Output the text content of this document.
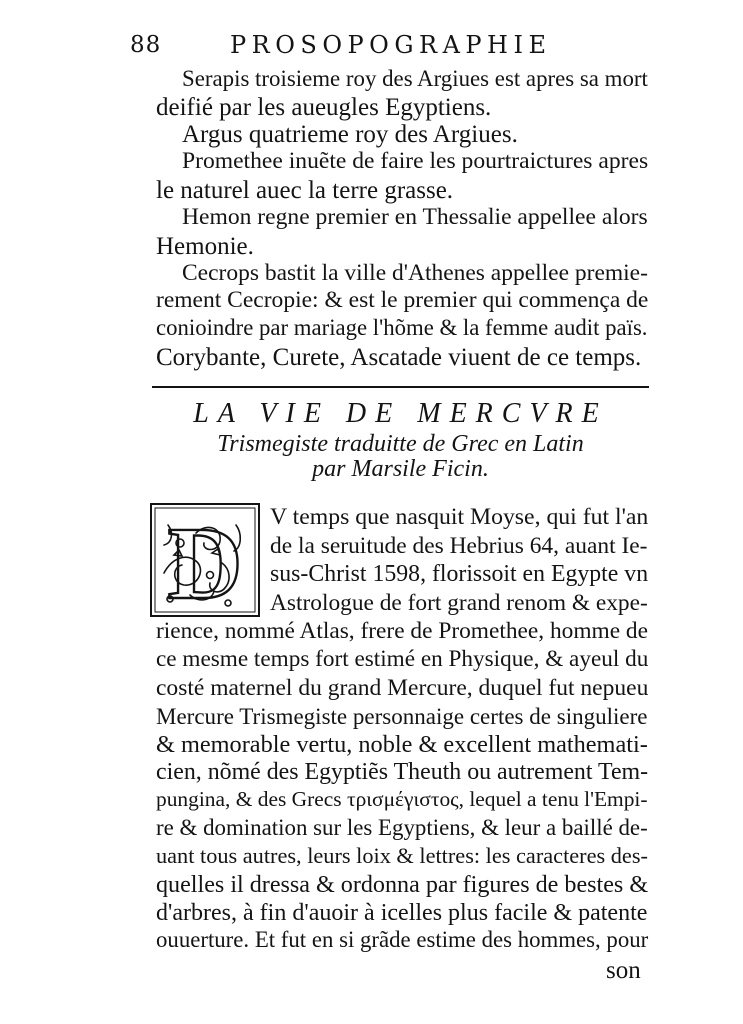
88	PROSOPOGRAPHIE
Serapis troisieme roy des Argiues est apres sa mort
deifié par les aueugles Egyptiens.
Argus quatrieme roy des Argiues.
Promethee inuẽte de faire les pourtraictures apres
le naturel auec la terre grasse.
Hemon regne premier en Thessalie appellee alors
Hemonie.
Cecrops bastit la ville d'Athenes appellee premie-
rement Cecropie: & est le premier qui commença de
conioindre par mariage l'hõme & la femme audit païs.
Corybante, Curete, Ascatade viuent de ce temps.
LA VIE DE MERCVRE
Trismegiste traduitte de Grec en Latin
par Marsile Ficin.
D V temps que nasquit Moyse, qui fut l'an
de la seruitude des Hebrius 64, auant Ie-
sus-Christ 1598, florissoit en Egypte vn
Astrologue de fort grand renom & expe-
rience, nommé Atlas, frere de Promethee, homme de
ce mesme temps fort estimé en Physique, & ayeul du
costé maternel du grand Mercure, duquel fut nepueu
Mercure Trismegiste personnaige certes de singuliere
& memorable vertu, noble & excellent mathemati-
cien, nõmé des Egyptiẽs Theuth ou autrement Tem-
pungina, & des Grecs τρισμέγιστος, lequel a tenu l'Empi-
re & domination sur les Egyptiens, & leur a baillé de-
uant tous autres, leurs loix & lettres: les caracteres des-
quelles il dressa & ordonna par figures de bestes &
d'arbres, à fin d'auoir à icelles plus facile & patente
ouuerture. Et fut en si grãde estime des hommes, pour
son
